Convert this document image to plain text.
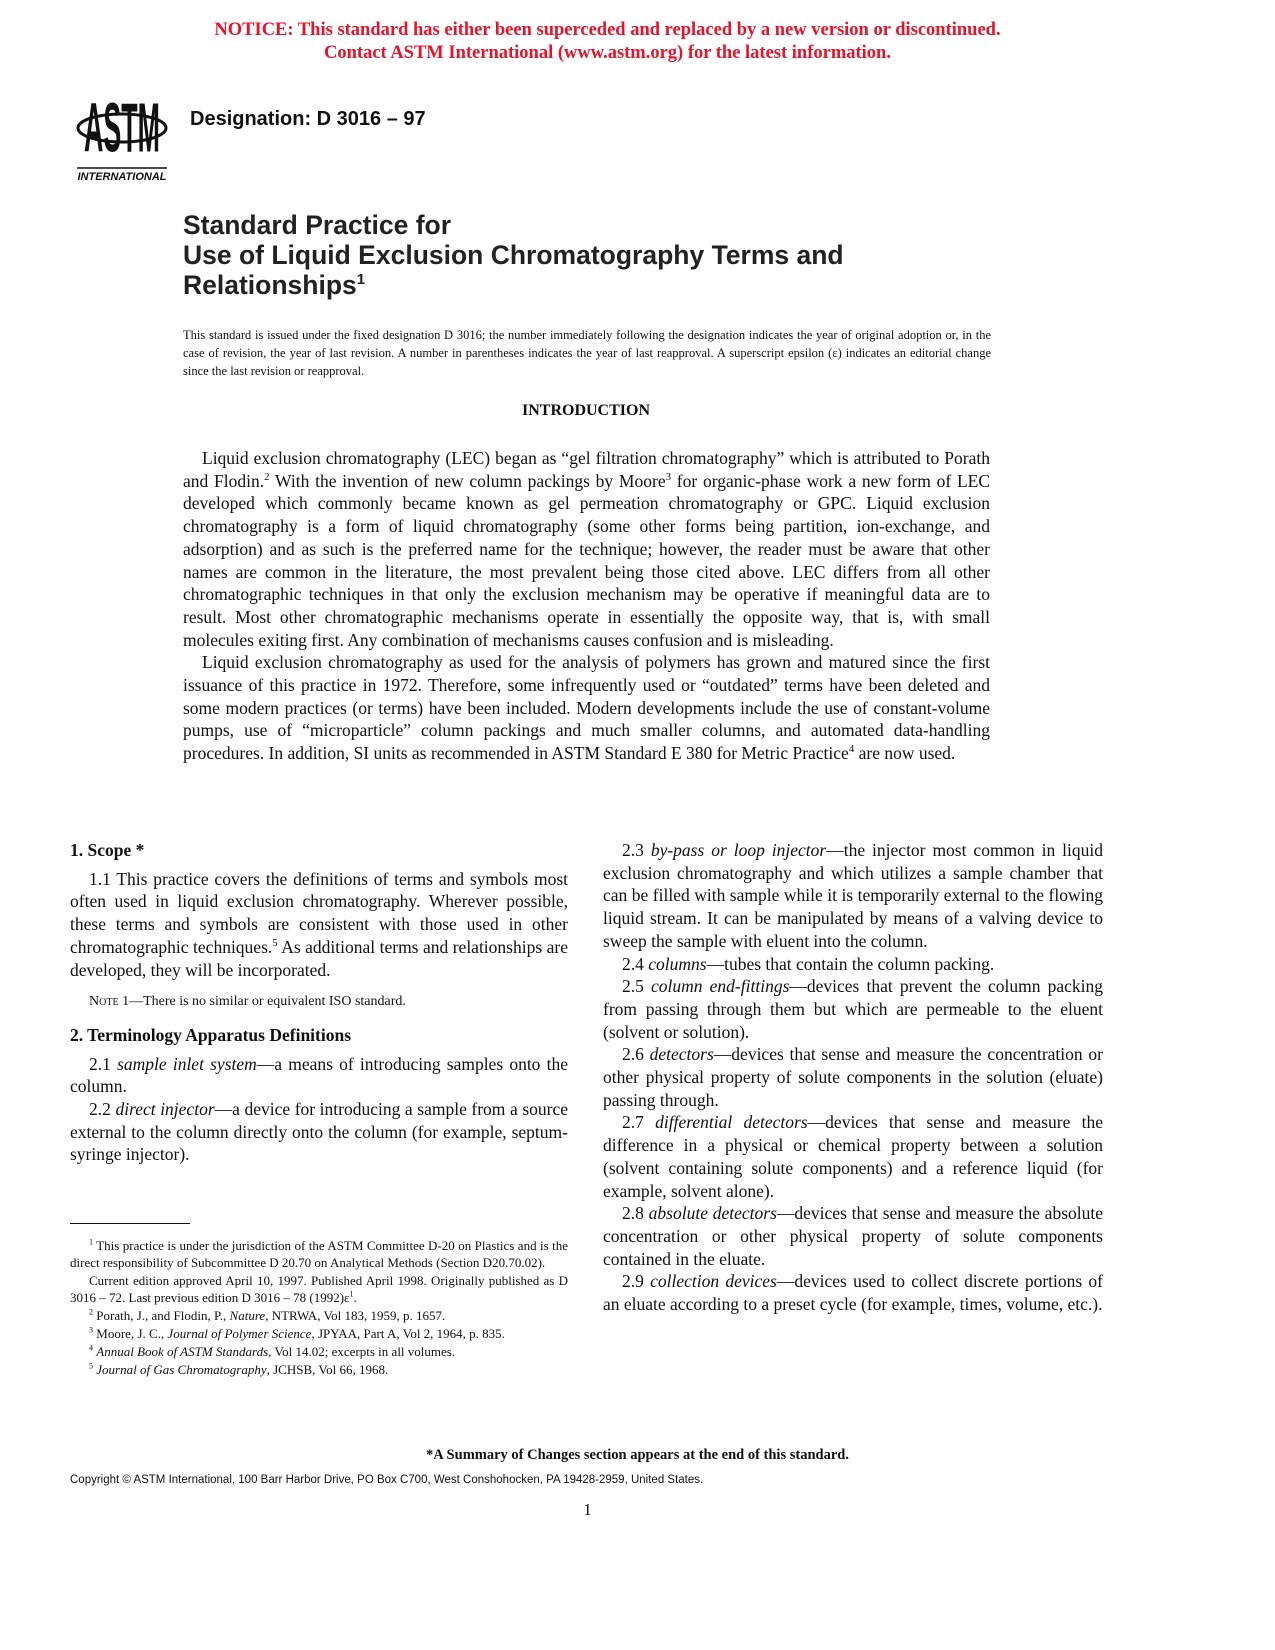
NOTICE: This standard has either been superceded and replaced by a new version or discontinued.
Contact ASTM International (www.astm.org) for the latest information.
ASTM
INTERNATIONAL
Designation: D 3016 – 97
Standard Practice for
Use of Liquid Exclusion Chromatography Terms and
Relationships$^1$
This standard is issued under the fixed designation D 3016; the number immediately following the designation indicates the year of original adoption or, in the case of revision, the year of last revision. A number in parentheses indicates the year of last reapproval. A superscript epsilon (ε) indicates an editorial change since the last revision or reapproval.
INTRODUCTION

Liquid exclusion chromatography (LEC) began as “gel filtration chromatography” which is attributed to Porath and Flodin.$^2$ With the invention of new column packings by Moore$^3$ for organic-phase work a new form of LEC developed which commonly became known as gel permeation chromatography or GPC. Liquid exclusion chromatography is a form of liquid chromatography (some other forms being partition, ion-exchange, and adsorption) and as such is the preferred name for the technique; however, the reader must be aware that other names are common in the literature, the most prevalent being those cited above. LEC differs from all other chromatographic techniques in that only the exclusion mechanism may be operative if meaningful data are to result. Most other chromatographic mechanisms operate in essentially the opposite way, that is, with small molecules exiting first. Any combination of mechanisms causes confusion and is misleading.

Liquid exclusion chromatography as used for the analysis of polymers has grown and matured since the first issuance of this practice in 1972. Therefore, some infrequently used or “outdated” terms have been deleted and some modern practices (or terms) have been included. Modern developments include the use of constant-volume pumps, use of “microparticle” column packings and much smaller columns, and automated data-handling procedures. In addition, SI units as recommended in ASTM Standard E 380 for Metric Practice$^4$ are now used.

1. Scope *

1.1 This practice covers the definitions of terms and symbols most often used in liquid exclusion chromatography. Wherever possible, these terms and symbols are consistent with those used in other chromatographic techniques.$^5$ As additional terms and relationships are developed, they will be incorporated.

Note 1—There is no similar or equivalent ISO standard.

2. Terminology Apparatus Definitions

2.1 sample inlet system—a means of introducing samples onto the column.

2.2 direct injector—a device for introducing a sample from a source external to the column directly onto the column (for example, septum-syringe injector).

2.3 by-pass or loop injector—the injector most common in liquid exclusion chromatography and which utilizes a sample chamber that can be filled with sample while it is temporarily external to the flowing liquid stream. It can be manipulated by means of a valving device to sweep the sample with eluent into the column.

2.4 columns—tubes that contain the column packing.

2.5 column end-fittings—devices that prevent the column packing from passing through them but which are permeable to the eluent (solvent or solution).

2.6 detectors—devices that sense and measure the concentration or other physical property of solute components in the solution (eluate) passing through.

2.7 differential detectors—devices that sense and measure the difference in a physical or chemical property between a solution (solvent containing solute components) and a reference liquid (for example, solvent alone).

2.8 absolute detectors—devices that sense and measure the absolute concentration or other physical property of solute components contained in the eluate.

2.9 collection devices—devices used to collect discrete portions of an eluate according to a preset cycle (for example, times, volume, etc.).

$^1$ This practice is under the jurisdiction of the ASTM Committee D-20 on Plastics and is the direct responsibility of Subcommittee D 20.70 on Analytical Methods (Section D20.70.02).

Current edition approved April 10, 1997. Published April 1998. Originally published as D 3016 – 72. Last previous edition D 3016 – 78 $(1992)\varepsilon^1$.

$^2$ Porath, J., and Flodin, P., Nature, NTRWA, Vol 183, 1959, p. 1657.

$^3$ Moore, J. C., Journal of Polymer Science, JPYAA, Part A, Vol 2, 1964, p. 835.

$^4$ Annual Book of ASTM Standards, Vol 14.02; excerpts in all volumes.

$^5$ Journal of Gas Chromatography, JCHSB, Vol 66, 1968.

*A Summary of Changes section appears at the end of this standard.
Copyright © ASTM International, 100 Barr Harbor Drive, PO Box C700, West Conshohocken, PA 19428-2959, United States.
1
